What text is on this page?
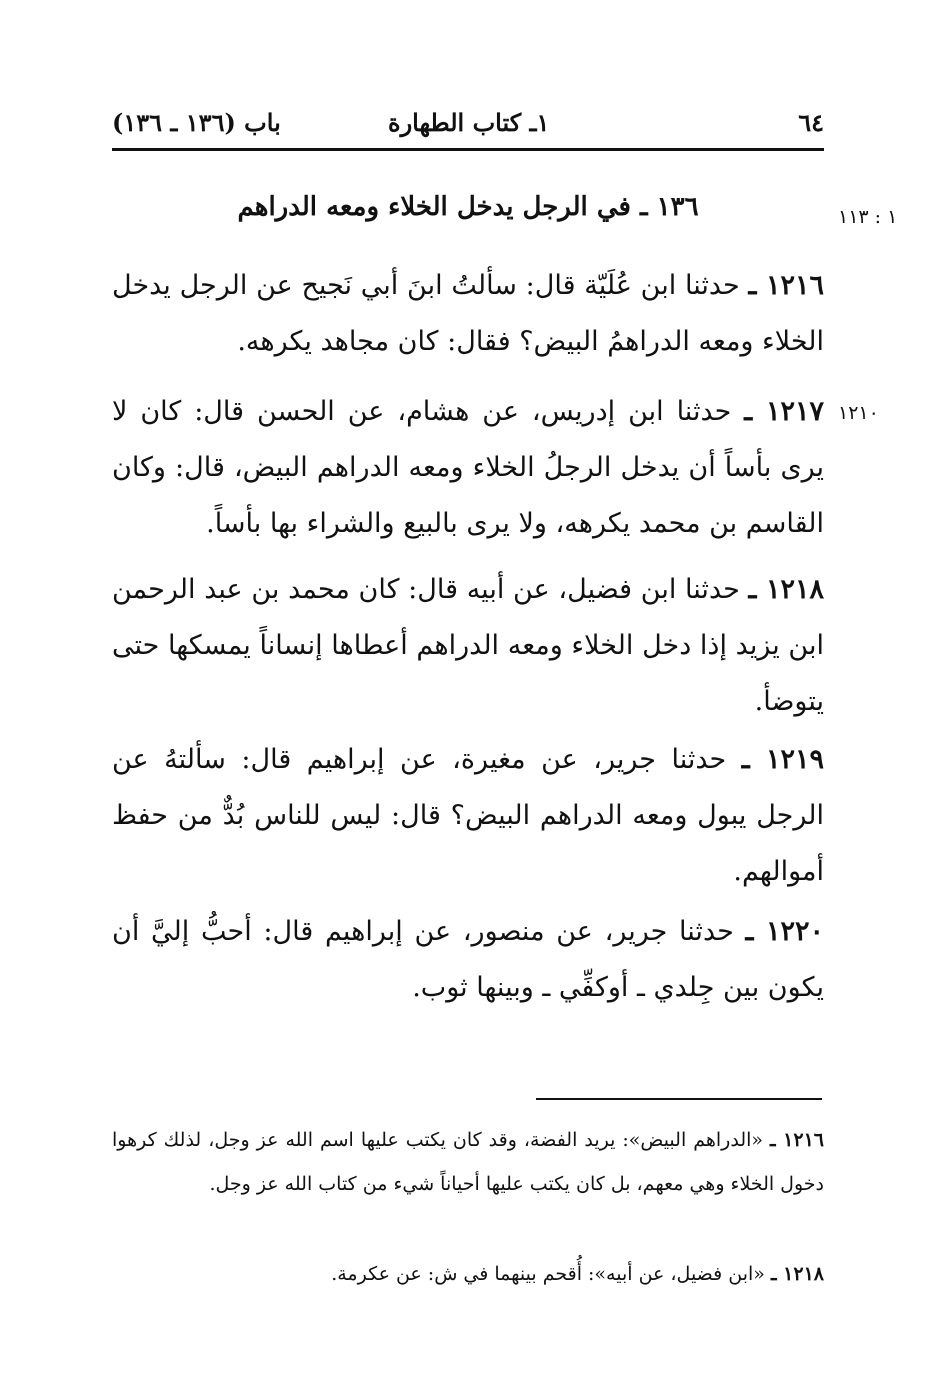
٦٤
١ـ كتاب الطهارة
باب (١٣٦ ـ ١٣٦)
١٣٦ ـ في الرجل يدخل الخلاء ومعه الدراهم	١ : ١١٣
١٢١٦ ـ حدثنا ابن عُلَيّة قال: سألتُ ابنَ أبي نَجيح عن الرجل يدخل الخلاء ومعه الدراهمُ البيض؟ فقال: كان مجاهد يكرهه.
١٢١٧ ـ حدثنا ابن إدريس، عن هشام، عن الحسن قال: كان لا يرى بأساً أن يدخل الرجلُ الخلاء ومعه الدراهم البيض، قال: وكان القاسم بن محمد يكرهه، ولا يرى بالبيع والشراء بها بأساً.
١٢١٠
١٢١٨ ـ حدثنا ابن فضيل، عن أبيه قال: كان محمد بن عبد الرحمن ابن يزيد إذا دخل الخلاء ومعه الدراهم أعطاها إنساناً يمسكها حتى يتوضأ.
١٢١٩ ـ حدثنا جرير، عن مغيرة، عن إبراهيم قال: سألتهُ عن الرجل يبول ومعه الدراهم البيض؟ قال: ليس للناس بُدٌّ من حفظ أموالهم.
١٢٢٠ ـ حدثنا جرير، عن منصور، عن إبراهيم قال: أحبُّ إليَّ أن يكون بين جِلدي ـ أوكفِّي ـ وبينها ثوب.
١٢١٦ ـ «الدراهم البيض»: يريد الفضة، وقد كان يكتب عليها اسم الله عز وجل، لذلك كرهوا دخول الخلاء وهي معهم، بل كان يكتب عليها أحياناً شيء من كتاب الله عز وجل.
١٢١٨ ـ «ابن فضيل، عن أبيه»: أُقحم بينهما في ش: عن عكرمة.
